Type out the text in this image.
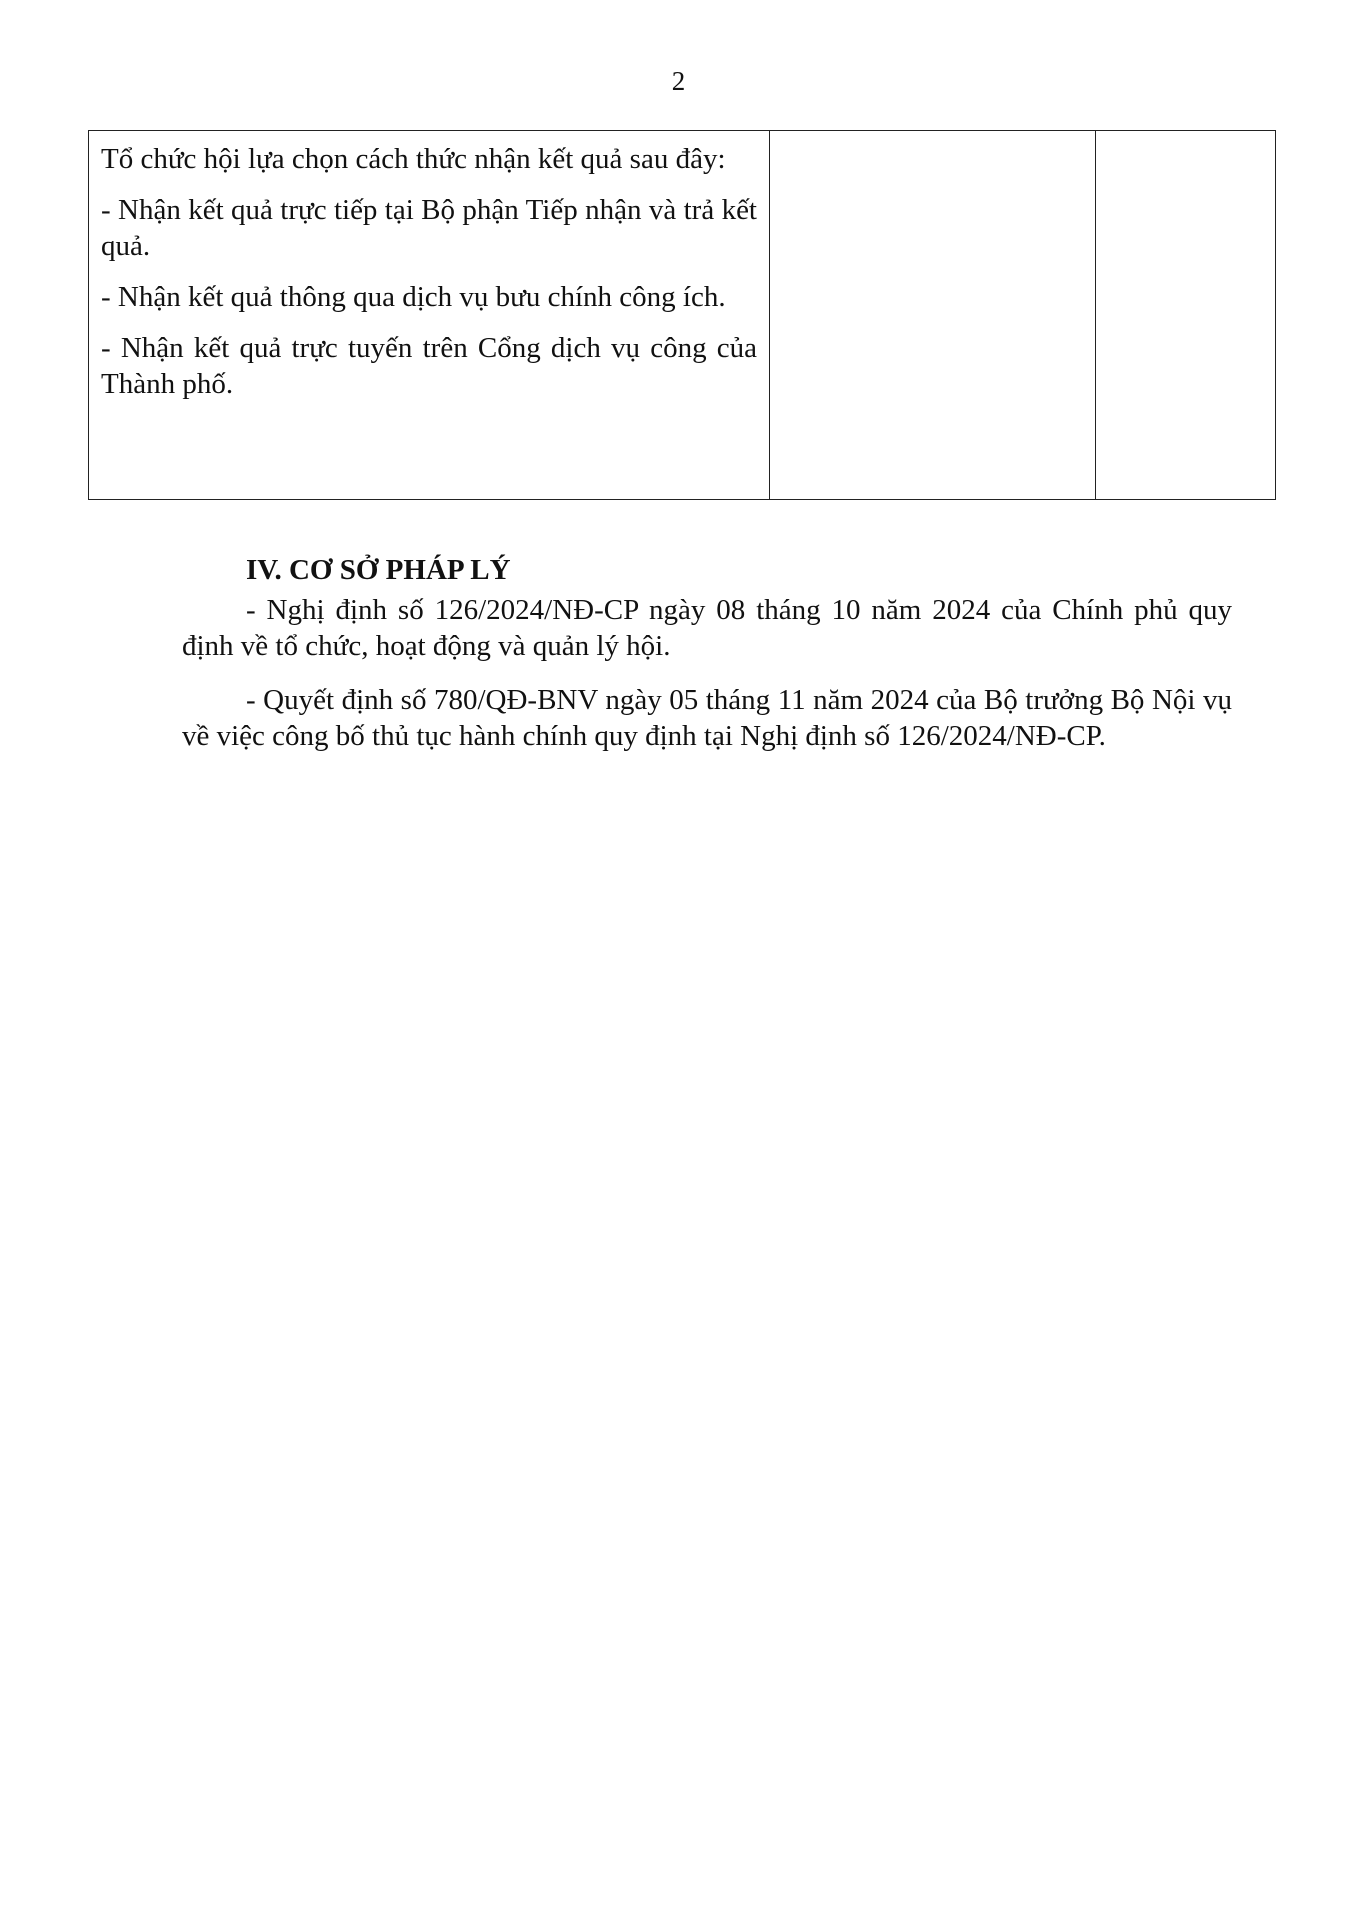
2

Tổ chức hội lựa chọn cách thức nhận kết quả sau đây:

- Nhận kết quả trực tiếp tại Bộ phận Tiếp nhận và trả kết quả.

- Nhận kết quả thông qua dịch vụ bưu chính công ích.

- Nhận kết quả trực tuyến trên Cổng dịch vụ công của Thành phố.

IV. CƠ SỞ PHÁP LÝ

- Nghị định số 126/2024/NĐ-CP ngày 08 tháng 10 năm 2024 của Chính phủ quy định về tổ chức, hoạt động và quản lý hội.

- Quyết định số 780/QĐ-BNV ngày 05 tháng 11 năm 2024 của Bộ trưởng Bộ Nội vụ về việc công bố thủ tục hành chính quy định tại Nghị định số 126/2024/NĐ-CP.
